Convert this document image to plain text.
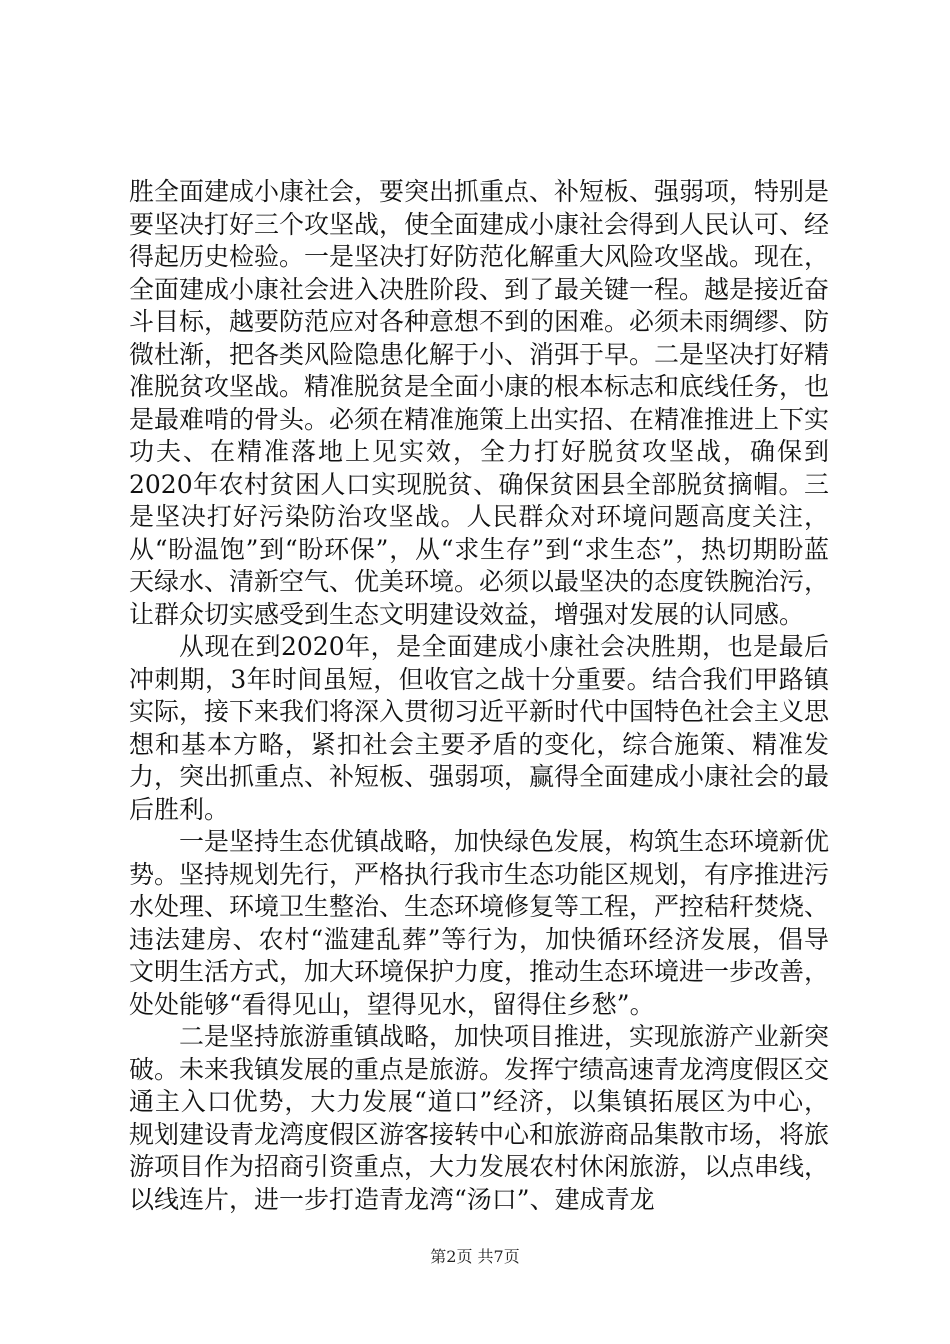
胜全面建成小康社会，要突出抓重点、补短板、强弱项，特别是要坚决打好三个攻坚战，使全面建成小康社会得到人民认可、经得起历史检验。一是坚决打好防范化解重大风险攻坚战。现在，全面建成小康社会进入决胜阶段、到了最关键一程。越是接近奋斗目标，越要防范应对各种意想不到的困难。必须未雨绸缪、防微杜渐，把各类风险隐患化解于小、消弭于早。二是坚决打好精准脱贫攻坚战。精准脱贫是全面小康的根本标志和底线任务，也是最难啃的骨头。必须在精准施策上出实招、在精准推进上下实功夫、在精准落地上见实效，全力打好脱贫攻坚战，确保到2020年农村贫困人口实现脱贫、确保贫困县全部脱贫摘帽。三是坚决打好污染防治攻坚战。人民群众对环境问题高度关注，从“盼温饱”到“盼环保”，从“求生存”到“求生态”，热切期盼蓝天绿水、清新空气、优美环境。必须以最坚决的态度铁腕治污，让群众切实感受到生态文明建设效益，增强对发展的认同感。

从现在到2020年，是全面建成小康社会决胜期，也是最后冲刺期，3年时间虽短，但收官之战十分重要。结合我们甲路镇实际，接下来我们将深入贯彻习近平新时代中国特色社会主义思想和基本方略，紧扣社会主要矛盾的变化，综合施策、精准发力，突出抓重点、补短板、强弱项，赢得全面建成小康社会的最后胜利。

一是坚持生态优镇战略，加快绿色发展，构筑生态环境新优势。坚持规划先行，严格执行我市生态功能区规划，有序推进污水处理、环境卫生整治、生态环境修复等工程，严控秸秆焚烧、违法建房、农村“滥建乱葬”等行为，加快循环经济发展，倡导文明生活方式，加大环境保护力度，推动生态环境进一步改善，处处能够“看得见山，望得见水，留得住乡愁”。

二是坚持旅游重镇战略，加快项目推进，实现旅游产业新突破。未来我镇发展的重点是旅游。发挥宁绩高速青龙湾度假区交通主入口优势，大力发展“道口”经济，以集镇拓展区为中心，规划建设青龙湾度假区游客接转中心和旅游商品集散市场，将旅游项目作为招商引资重点，大力发展农村休闲旅游，以点串线，以线连片，进一步打造青龙湾“汤口”、建成青龙

第2页 共7页
